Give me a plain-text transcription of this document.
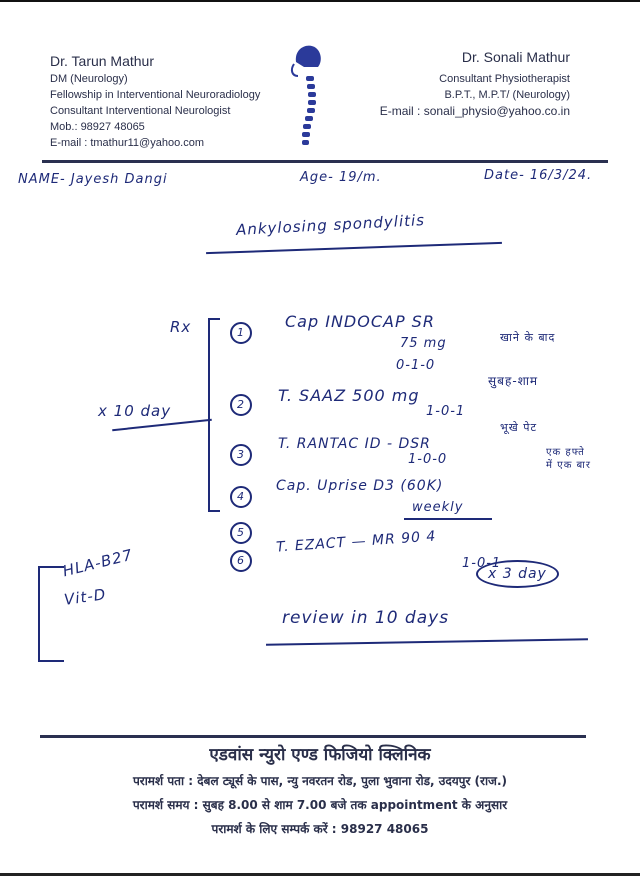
Dr. Tarun Mathur
DM (Neurology)
Fellowship in Interventional Neuroradiology
Consultant Interventional Neurologist
Mob.: 98927 48065
E-mail : tmathur11@yahoo.com
Dr. Sonali Mathur
Consultant Physiotherapist
B.P.T., M.P.T/ (Neurology)
E-mail : sonali_physio@yahoo.co.in
NAME- Jayesh Dangi	Age- 19/m.	Date- 16/3/24.
Ankylosing spondylitis
Rx
x 10 day
1
Cap INDOCAP SR
75 mg
0-1-0
खाने के बाद
2	T. SAAZ 500 mg
1-0-1
सुबह-शाम
3
T. RANTAC ID - DSR
1-0-0
भूखे पेट
4
Cap. Uprise D3 (60K)
weekly
एक हफ्ते में एक बार
5
6
T. EZACT — MR 90 4
1-0-1
x 3 day
HLA-B27
Vit-D
review in 10 days
एडवांस न्युरो एण्ड फिजियो क्लिनिक
परामर्श पता : देबल ट्यूर्स के पास, न्यु नवरतन रोड, पुला भुवाना रोड, उदयपुर (राज.)
परामर्श समय : सुबह 8.00 से शाम 7.00 बजे तक appointment के अनुसार
परामर्श के लिए सम्पर्क करें : 98927 48065
